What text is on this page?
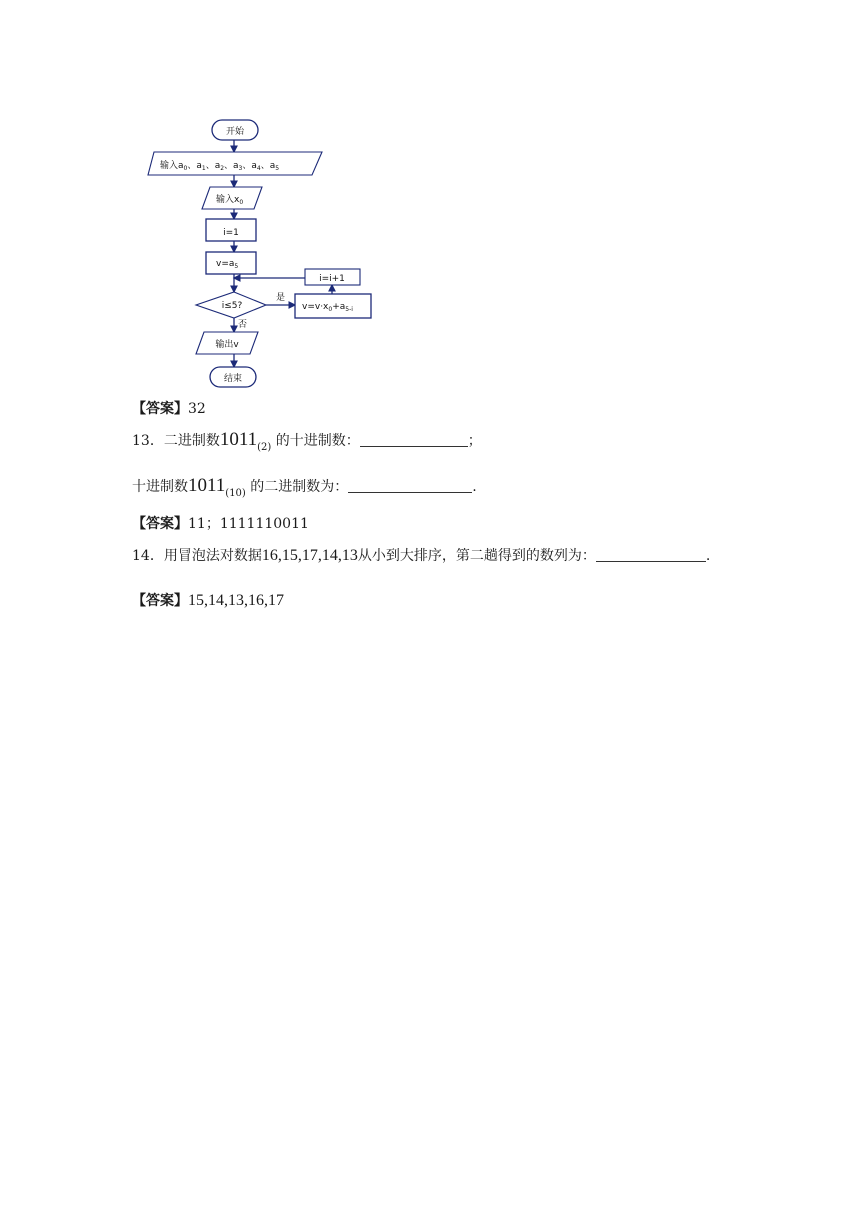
开始
输入$a_0$、$a_1$、$a_2$、$a_3$、$a_4$、$a_5$
输入$x_0$
i=1
$v=a_5$
i=i+1
i≤5?
是
否
$v=v\cdot x_0+a_{5-i}$
输出v
结束
【答案】32
13．二进制数$1011_{(2)}$ 的十进制数：	；
十进制数$1011_{(10)}$ 的二进制数为：	.
【答案】11；1111110011
14．用冒泡法对数据16,15,17,14,13从小到大排序，第二趟得到的数列为：	.
【答案】15,14,13,16,17
